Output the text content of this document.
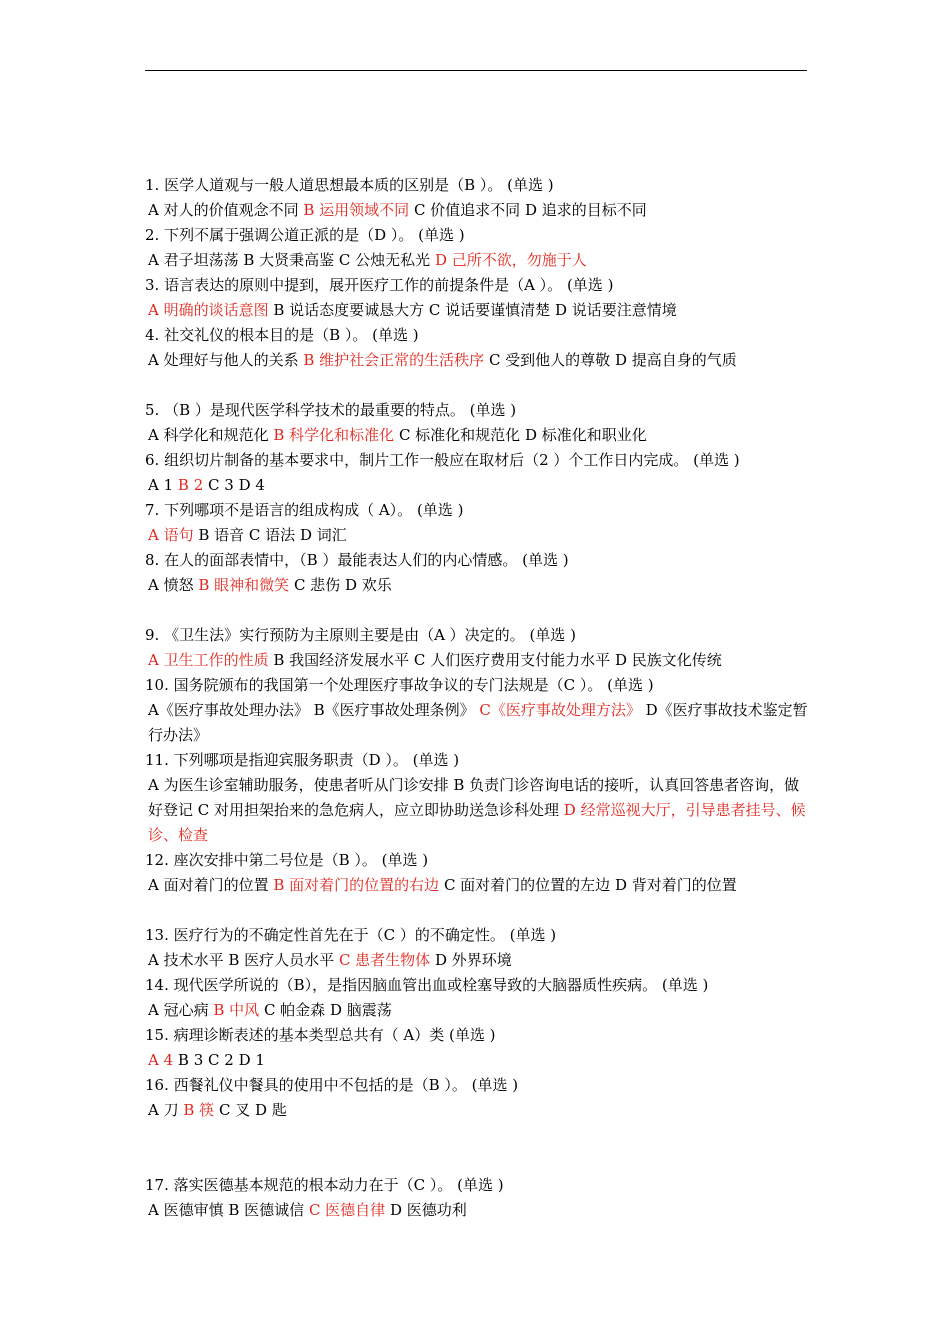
1. 医学人道观与一般人道思想最本质的区别是（B ）。 (单选 )
A 对人的价值观念不同 B 运用领域不同 C 价值追求不同 D 追求的目标不同
2. 下列不属于强调公道正派的是（D ）。 (单选 )
A 君子坦荡荡 B 大贤秉高鉴 C 公烛无私光 D 己所不欲，勿施于人
3. 语言表达的原则中提到，展开医疗工作的前提条件是（A ）。 (单选 )
A 明确的谈话意图 B 说话态度要诚恳大方 C 说话要谨慎清楚 D 说话要注意情境
4. 社交礼仪的根本目的是（B ）。 (单选 )
A 处理好与他人的关系 B 维护社会正常的生活秩序 C 受到他人的尊敬 D 提高自身的气质
5. （B ）是现代医学科学技术的最重要的特点。 (单选 )
A 科学化和规范化 B 科学化和标准化 C 标准化和规范化 D 标准化和职业化
6. 组织切片制备的基本要求中，制片工作一般应在取材后（2 ）个工作日内完成。 (单选 )
A 1 B 2 C 3 D 4
7. 下列哪项不是语言的组成构成（ A）。 (单选 )
A 语句 B 语音 C 语法 D 词汇
8. 在人的面部表情中，（B ）最能表达人们的内心情感。 (单选 )
A 愤怒 B 眼神和微笑 C 悲伤 D 欢乐
9. 《卫生法》实行预防为主原则主要是由（A ）决定的。 (单选 )
A 卫生工作的性质 B 我国经济发展水平 C 人们医疗费用支付能力水平 D 民族文化传统
10. 国务院颁布的我国第一个处理医疗事故争议的专门法规是（C ）。 (单选 )
A《医疗事故处理办法》 B《医疗事故处理条例》 C《医疗事故处理方法》 D《医疗事故技术鉴定暂行办法》
11. 下列哪项是指迎宾服务职责（D ）。 (单选 )
A 为医生诊室辅助服务，使患者听从门诊安排 B 负责门诊咨询电话的接听，认真回答患者咨询，做好登记 C 对用担架抬来的急危病人，应立即协助送急诊科处理 D 经常巡视大厅，引导患者挂号、候诊、检查
12. 座次安排中第二号位是（B ）。 (单选 )
A 面对着门的位置 B 面对着门的位置的右边 C 面对着门的位置的左边 D 背对着门的位置
13. 医疗行为的不确定性首先在于（C ）的不确定性。 (单选 )
A 技术水平 B 医疗人员水平 C 患者生物体 D 外界环境
14. 现代医学所说的（B），是指因脑血管出血或栓塞导致的大脑器质性疾病。 (单选 )
A 冠心病 B 中风 C 帕金森 D 脑震荡
15. 病理诊断表述的基本类型总共有（ A）类 (单选 )
A 4 B 3 C 2 D 1
16. 西餐礼仪中餐具的使用中不包括的是（B ）。 (单选 )
A 刀 B 筷 C 叉 D 匙
17. 落实医德基本规范的根本动力在于（C ）。 (单选 )
A 医德审慎 B 医德诚信 C 医德自律 D 医德功利
